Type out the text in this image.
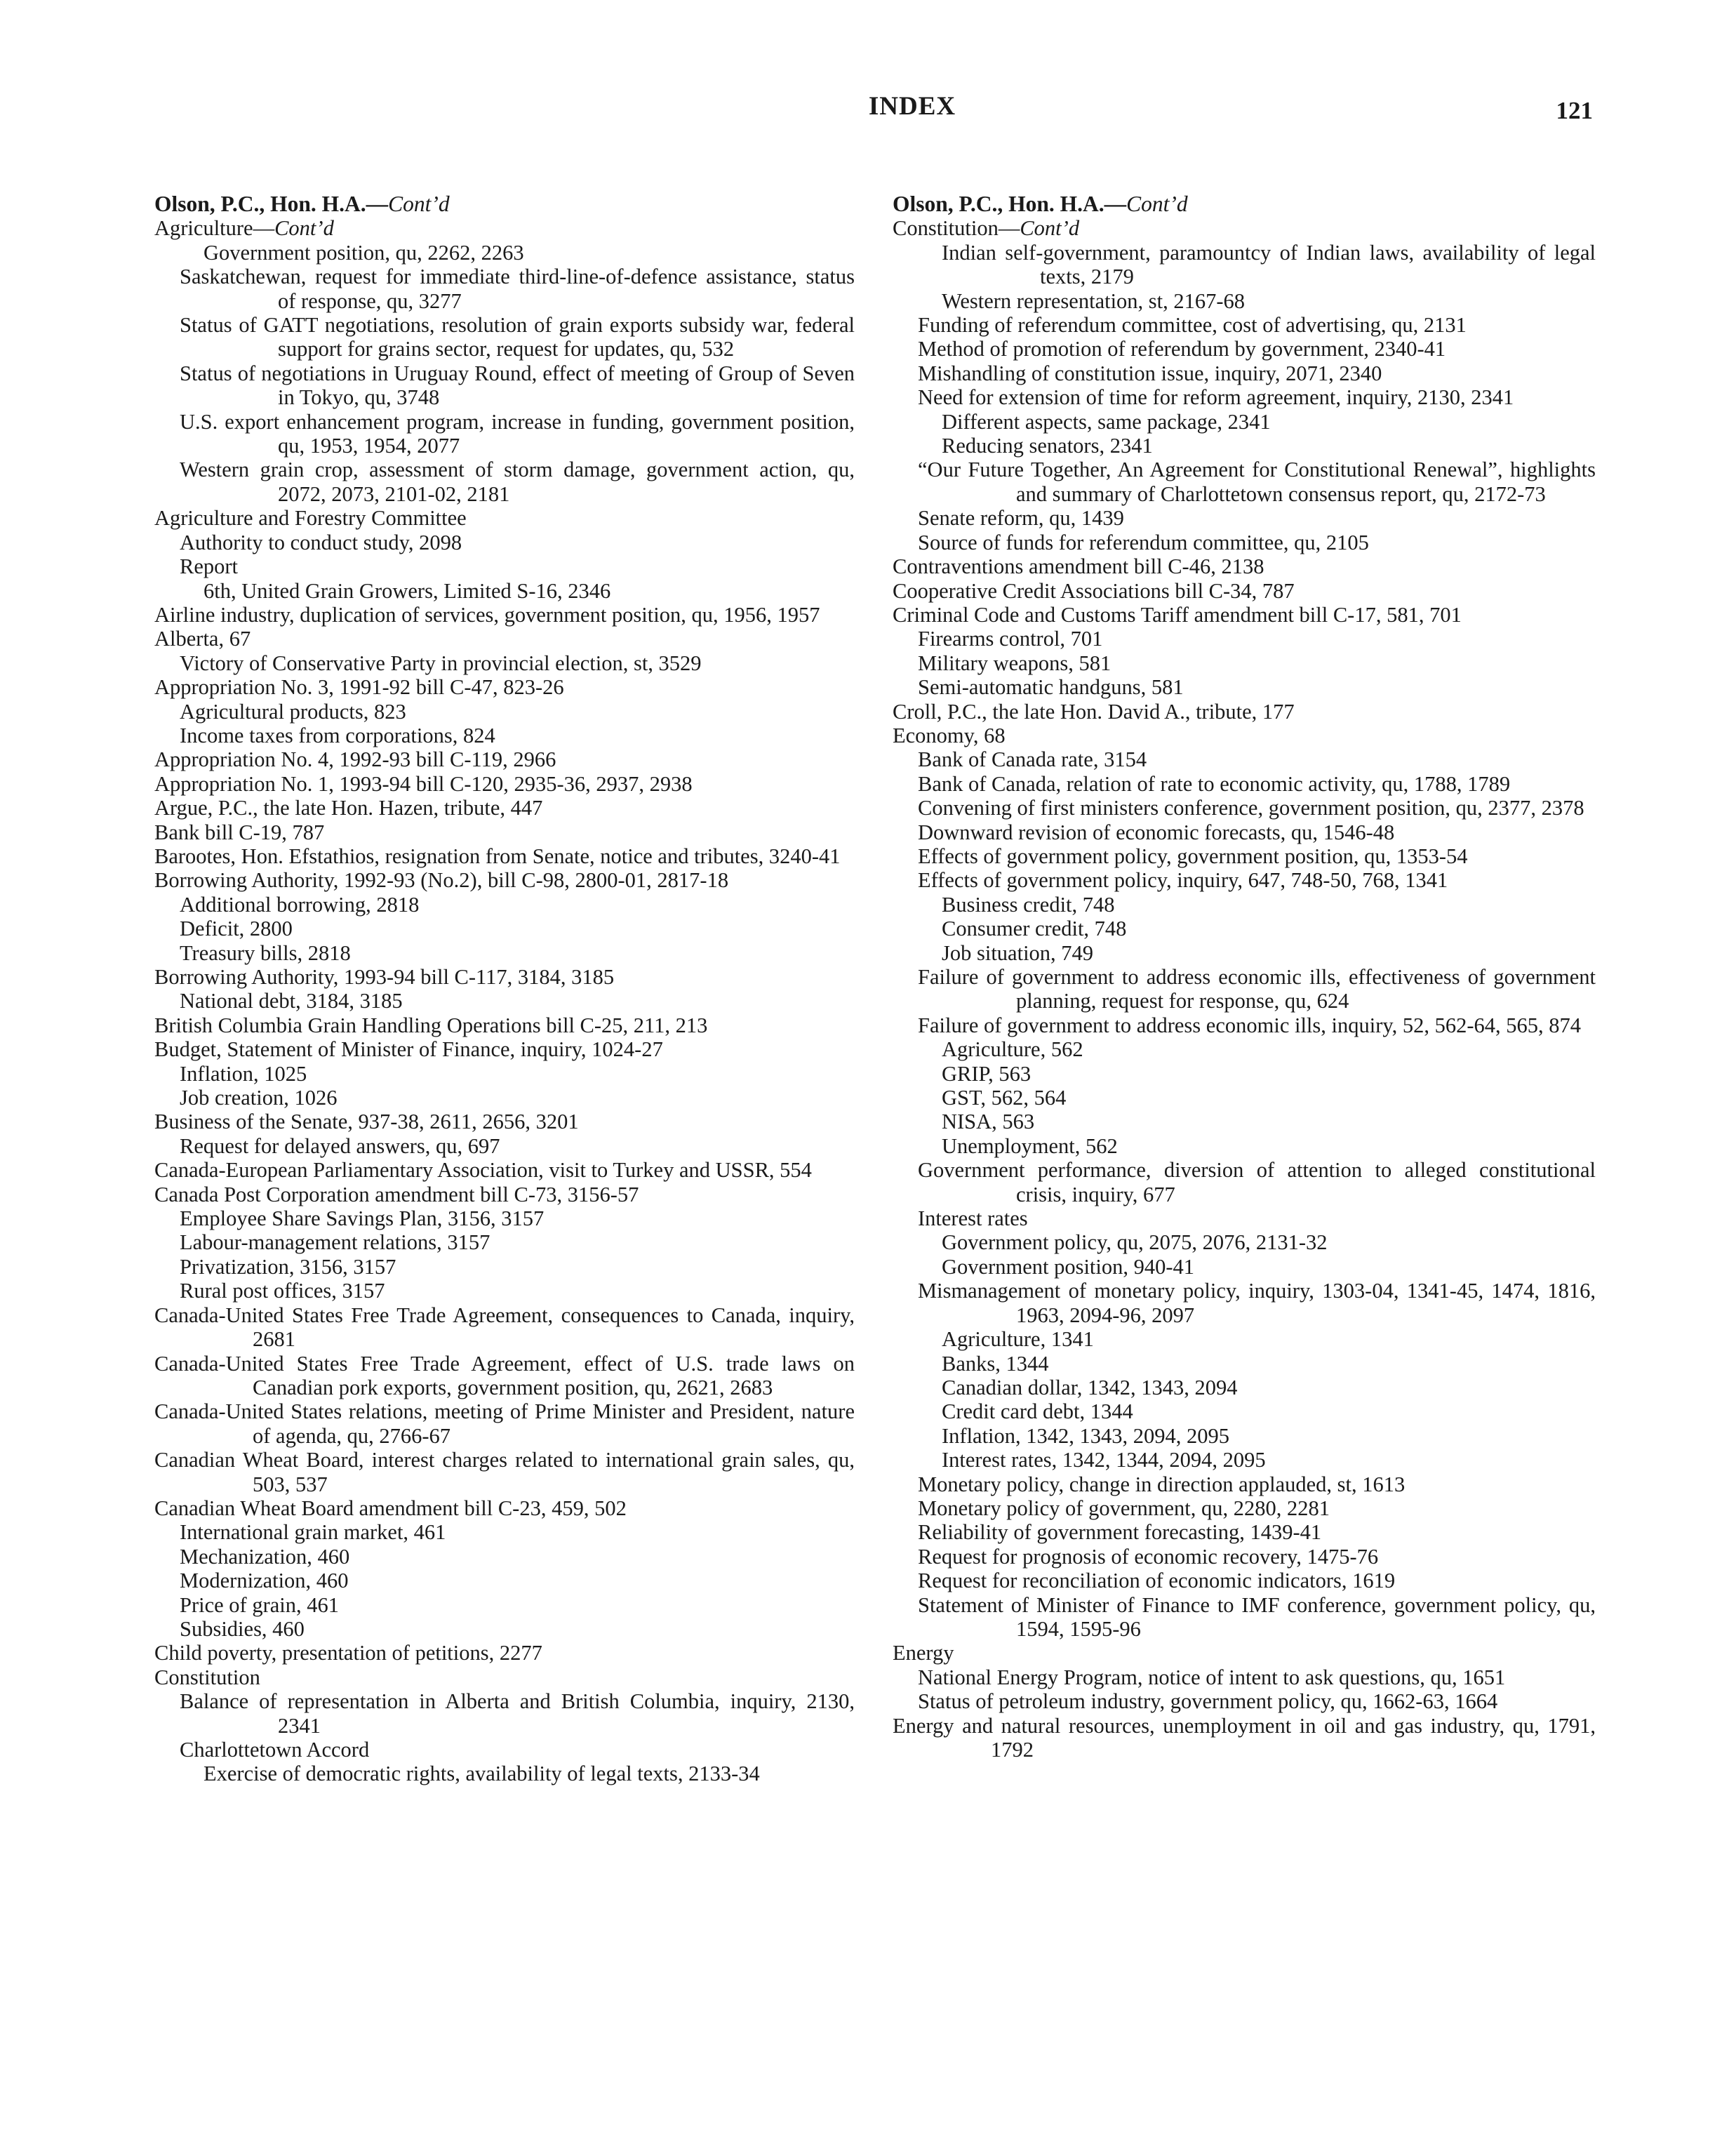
INDEX	121

Olson, P.C., Hon. H.A.—Cont’d

Agriculture—Cont’d

Government position, qu, 2262, 2263

Saskatchewan, request for immediate third-line-of-defence assistance, status of response, qu, 3277

Status of GATT negotiations, resolution of grain exports subsidy war, federal support for grains sector, request for updates, qu, 532

Status of negotiations in Uruguay Round, effect of meeting of Group of Seven in Tokyo, qu, 3748

U.S. export enhancement program, increase in funding, government position, qu, 1953, 1954, 2077

Western grain crop, assessment of storm damage, government action, qu, 2072, 2073, 2101-02, 2181

Agriculture and Forestry Committee

Authority to conduct study, 2098

Report

6th, United Grain Growers, Limited S-16, 2346

Airline industry, duplication of services, government position, qu, 1956, 1957

Alberta, 67

Victory of Conservative Party in provincial election, st, 3529

Appropriation No. 3, 1991-92 bill C-47, 823-26

Agricultural products, 823

Income taxes from corporations, 824

Appropriation No. 4, 1992-93 bill C-119, 2966

Appropriation No. 1, 1993-94 bill C-120, 2935-36, 2937, 2938

Argue, P.C., the late Hon. Hazen, tribute, 447

Bank bill C-19, 787

Barootes, Hon. Efstathios, resignation from Senate, notice and tributes, 3240-41

Borrowing Authority, 1992-93 (No.2), bill C-98, 2800-01, 2817-18

Additional borrowing, 2818

Deficit, 2800

Treasury bills, 2818

Borrowing Authority, 1993-94 bill C-117, 3184, 3185

National debt, 3184, 3185

British Columbia Grain Handling Operations bill C-25, 211, 213

Budget, Statement of Minister of Finance, inquiry, 1024-27

Inflation, 1025

Job creation, 1026

Business of the Senate, 937-38, 2611, 2656, 3201

Request for delayed answers, qu, 697

Canada-European Parliamentary Association, visit to Turkey and USSR, 554

Canada Post Corporation amendment bill C-73, 3156-57

Employee Share Savings Plan, 3156, 3157

Labour-management relations, 3157

Privatization, 3156, 3157

Rural post offices, 3157

Canada-United States Free Trade Agreement, consequences to Canada, inquiry, 2681

Canada-United States Free Trade Agreement, effect of U.S. trade laws on Canadian pork exports, government position, qu, 2621, 2683

Canada-United States relations, meeting of Prime Minister and President, nature of agenda, qu, 2766-67

Canadian Wheat Board, interest charges related to international grain sales, qu, 503, 537

Canadian Wheat Board amendment bill C-23, 459, 502

International grain market, 461

Mechanization, 460

Modernization, 460

Price of grain, 461

Subsidies, 460

Child poverty, presentation of petitions, 2277

Constitution

Balance of representation in Alberta and British Columbia, inquiry, 2130, 2341

Charlottetown Accord

Exercise of democratic rights, availability of legal texts, 2133-34

Olson, P.C., Hon. H.A.—Cont’d

Constitution—Cont’d

Indian self-government, paramountcy of Indian laws, availability of legal texts, 2179

Western representation, st, 2167-68

Funding of referendum committee, cost of advertising, qu, 2131

Method of promotion of referendum by government, 2340-41

Mishandling of constitution issue, inquiry, 2071, 2340

Need for extension of time for reform agreement, inquiry, 2130, 2341

Different aspects, same package, 2341

Reducing senators, 2341

“Our Future Together, An Agreement for Constitutional Renewal”, highlights and summary of Charlottetown consensus report, qu, 2172-73

Senate reform, qu, 1439

Source of funds for referendum committee, qu, 2105

Contraventions amendment bill C-46, 2138

Cooperative Credit Associations bill C-34, 787

Criminal Code and Customs Tariff amendment bill C-17, 581, 701

Firearms control, 701

Military weapons, 581

Semi-automatic handguns, 581

Croll, P.C., the late Hon. David A., tribute, 177

Economy, 68

Bank of Canada rate, 3154

Bank of Canada, relation of rate to economic activity, qu, 1788, 1789

Convening of first ministers conference, government position, qu, 2377, 2378

Downward revision of economic forecasts, qu, 1546-48

Effects of government policy, government position, qu, 1353-54

Effects of government policy, inquiry, 647, 748-50, 768, 1341

Business credit, 748

Consumer credit, 748

Job situation, 749

Failure of government to address economic ills, effectiveness of government planning, request for response, qu, 624

Failure of government to address economic ills, inquiry, 52, 562-64, 565, 874

Agriculture, 562

GRIP, 563

GST, 562, 564

NISA, 563

Unemployment, 562

Government performance, diversion of attention to alleged constitutional crisis, inquiry, 677

Interest rates

Government policy, qu, 2075, 2076, 2131-32

Government position, 940-41

Mismanagement of monetary policy, inquiry, 1303-04, 1341-45, 1474, 1816, 1963, 2094-96, 2097

Agriculture, 1341

Banks, 1344

Canadian dollar, 1342, 1343, 2094

Credit card debt, 1344

Inflation, 1342, 1343, 2094, 2095

Interest rates, 1342, 1344, 2094, 2095

Monetary policy, change in direction applauded, st, 1613

Monetary policy of government, qu, 2280, 2281

Reliability of government forecasting, 1439-41

Request for prognosis of economic recovery, 1475-76

Request for reconciliation of economic indicators, 1619

Statement of Minister of Finance to IMF conference, government policy, qu, 1594, 1595-96

Energy

National Energy Program, notice of intent to ask questions, qu, 1651

Status of petroleum industry, government policy, qu, 1662-63, 1664

Energy and natural resources, unemployment in oil and gas industry, qu, 1791, 1792
